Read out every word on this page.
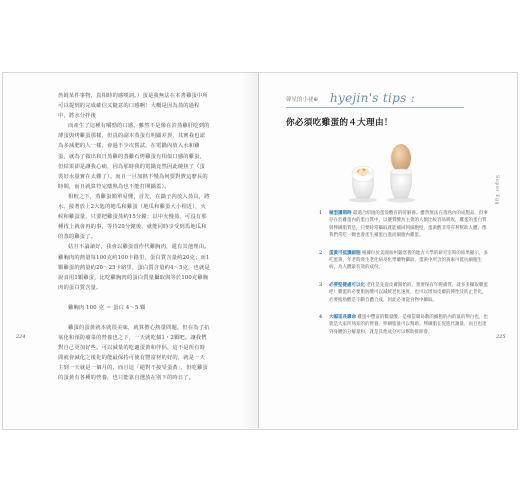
詹姆某件事物，真相時的感嘆詞。）蛋是我無法在本書雞蛋中所可以提到的完成確信又隨意的口感啊！大概是因為蒸的過程中，將水分拌後

而產生了這種有嚼勁的口感。雖然不是像在許蒸雞肝吃到的薄蛋與烤雞蛋那樣，但真的副本蒸蛋有明顯差異，其實我也認為多減肥的人一樣，會過不少次嘗試，在電鍋內放入水和雞蛋，就為了做出和日蒸雞的蒸雞石烤雞蛋有相似口感的雞蛋，但結果卻是讓我心痛，因為那時我的電鍋竟然因此燒焦了（蛋裝好水量實在太難了）。而且一旦加熱不慢為何要對費這麼長的時間，而且就算符完燉熟為也不能打開鍋蓋）。

相較之下，蒸雞蛋簡單易懂，首先，在鍋子內放入蒸具，將水、接著放上2大匙的地瓜和雞蛋（地瓜和雞蛋大小相近），火候和雞蛋量，只要把雞蛋蒸約15分鐘；以中火慢蒸，可沒有那種找上就會再的事，等待20分鐘後，就能同時享受到馬地瓜和的蒸的雞蛋了。

姑且不論讀好，我會以雞蛋當作代雞胸肉，還有其他理由。雞胸肉的熱量每100克約100卡路里，蛋白質含量約20克；而1顆雞蛋的熱量約20〜25卡路里，蛋白質含量約4〜5克，也就是說食用1顆雞蛋，比吃雞胸肉的蛋白質量攝取與等於100克雞胸肉的蛋白質含量。

雞胸肉 100 克 ＝ 蛋白 4〜5 顆

雞蛋的蛋黃就本就很美味，就算擔心熱量問題，但在為了抗氧化和預防瘤菜的營養也之下，一天就吃個1・2顆吧。讓我們對自己更加好些。可以減量的吃適蛋黃和伴侶，這不是所有時間就會減化之後化的能最保持可使有豐富材的好的，就是一天主到一天就是一個月的，而且這「絕對不接受蛋黃」，但吃雞蛋的蛋黃有各種的營養，也只能靠自選放在別下的時日了。

224
韓星的小祕⊕ hyejin's tips :
你必須吃雞蛋的４大理由！
Super Egg
1 極型讀期時 最適合紹過的蛋殼酸有的折解養。雖然無法在蒸熟內的成製品，但事存在於雞蛋內的蛋白質中，以優質酸為主會的人類比較容易吸收，雞蛋的蛋白質與卵磷脂質是，只要時常攝取就能補回到細胞壁，蛋黃酸非常有利幫助人體。像我們常吃一顆也會產生補蛋白進而細胞內雞蛋。
2 蛋黃可抵護細胞 根據位於美國加州嚴寒著的地方大學的研究室時的結果顯示，多吃蛋黃，年老時發生老化病及化學藥物攝取，蛋黃中所含的黃素可抵抗細胞生病，為人體最有效的成份。
3 必要堅健處可以化 老化是先從皮膚開始的，想要保有年輕膚質，就多多攝取雞蛋吧！雞蛋的必要脂肪酸可以減緩老化速度，也可以增加皮膚的彈性及防止老化，必要脂肪酸是不斷自體合成，因此必須從食物中攝取。
4 大幅延長壽命 雞蛋中豐富的數量酸，是相當簡易數的細胞的內的量的卵白也，也就是大家所熟知的的營養，卵磷脂量可以幫助。卵磷脂在促進代謝量，而且也達到身體的分解量和，就是其他成分可以幫助排除會。
225
